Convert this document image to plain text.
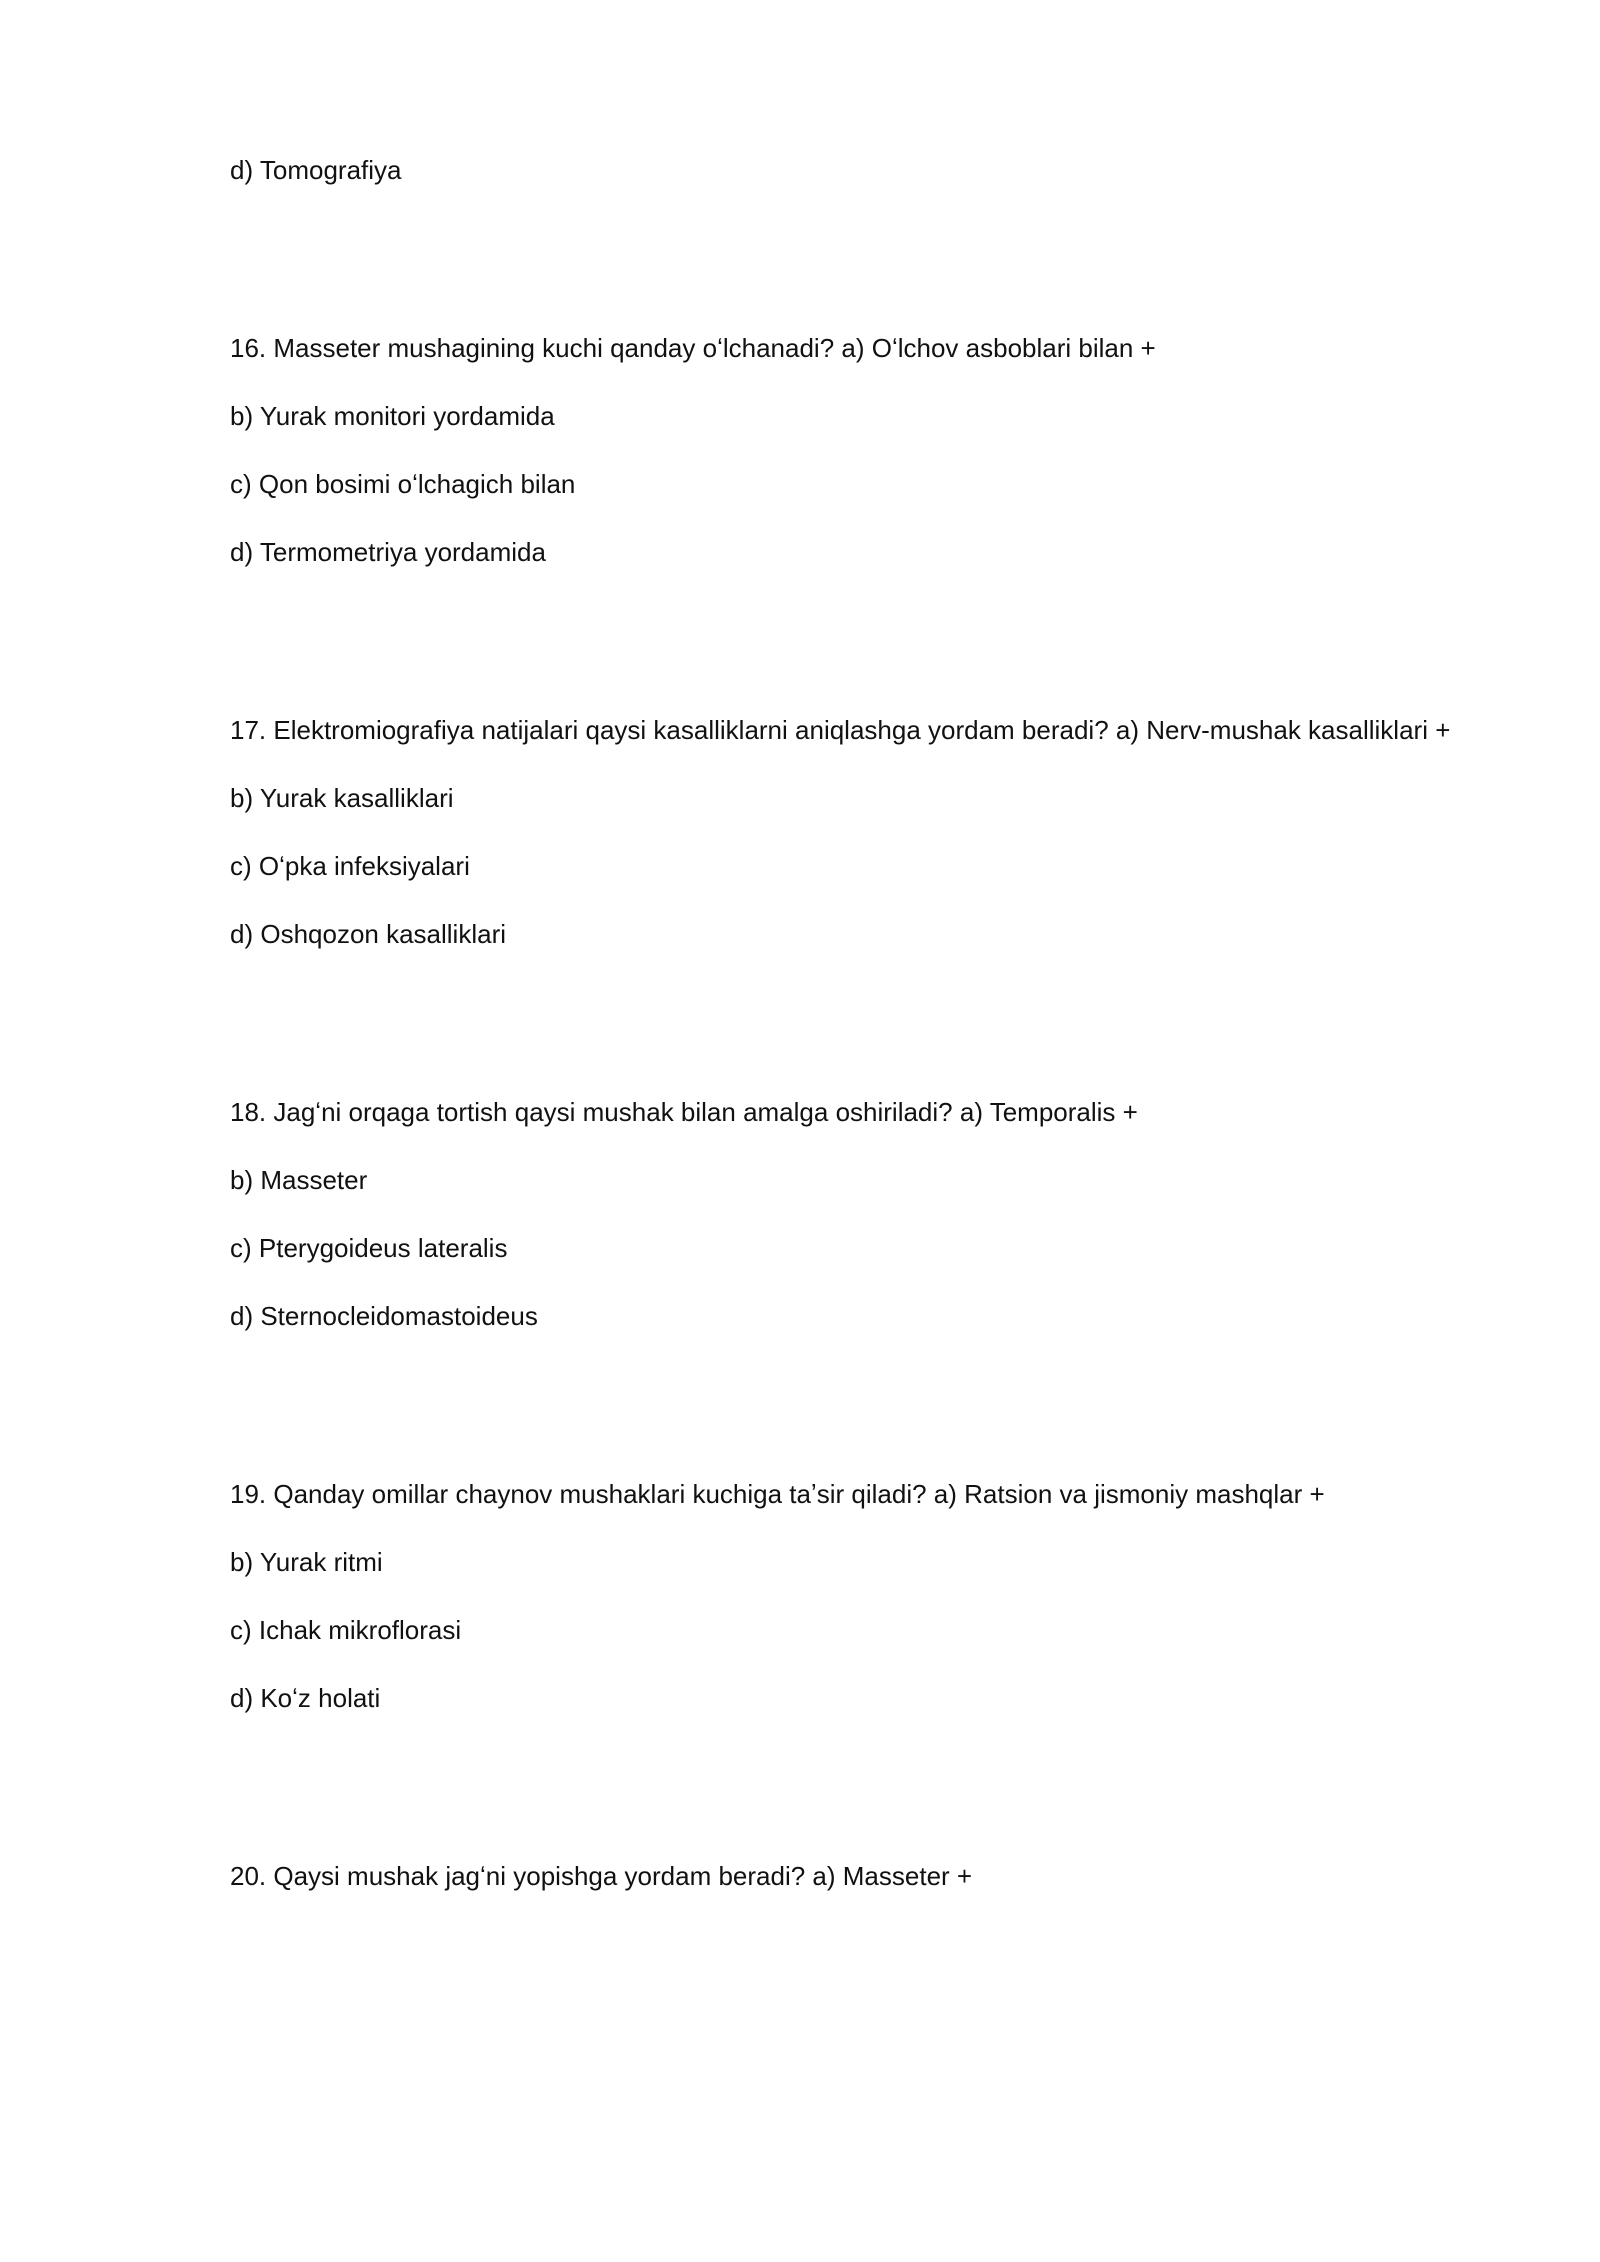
d) Tomografiya

16. Masseter mushagining kuchi qanday oʻlchanadi? a) Oʻlchov asboblari bilan +

b) Yurak monitori yordamida

c) Qon bosimi oʻlchagich bilan

d) Termometriya yordamida

17. Elektromiografiya natijalari qaysi kasalliklarni aniqlashga yordam beradi? a) Nerv-mushak kasalliklari +

b) Yurak kasalliklari

c) Oʻpka infeksiyalari

d) Oshqozon kasalliklari

18. Jagʻni orqaga tortish qaysi mushak bilan amalga oshiriladi? a) Temporalis +

b) Masseter

c) Pterygoideus lateralis

d) Sternocleidomastoideus

19. Qanday omillar chaynov mushaklari kuchiga taʼsir qiladi? a) Ratsion va jismoniy mashqlar +

b) Yurak ritmi

c) Ichak mikroflorasi

d) Koʻz holati

20. Qaysi mushak jagʻni yopishga yordam beradi? a) Masseter +
